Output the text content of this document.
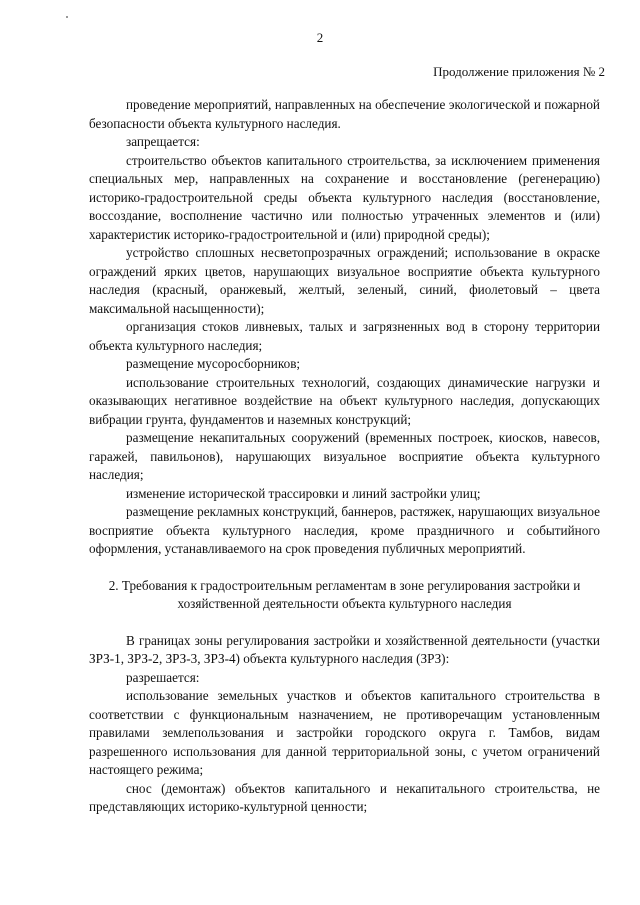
2
Продолжение приложения № 2

проведение мероприятий, направленных на обеспечение экологической и пожарной безопасности объекта культурного наследия.

запрещается:

строительство объектов капитального строительства, за исключением применения специальных мер, направленных на сохранение и восстановление (регенерацию) историко-градостроительной среды объекта культурного наследия (восстановление, воссоздание, восполнение частично или полностью утраченных элементов и (или) характеристик историко-градостроительной и (или) природной среды);

устройство сплошных несветопрозрачных ограждений; использование в окраске ограждений ярких цветов, нарушающих визуальное восприятие объекта культурного наследия (красный, оранжевый, желтый, зеленый, синий, фиолетовый – цвета максимальной насыщенности);

организация стоков ливневых, талых и загрязненных вод в сторону территории объекта культурного наследия;

размещение мусоросборников;

использование строительных технологий, создающих динамические нагрузки и оказывающих негативное воздействие на объект культурного наследия, допускающих вибрации грунта, фундаментов и наземных конструкций;

размещение некапитальных сооружений (временных построек, киосков, навесов, гаражей, павильонов), нарушающих визуальное восприятие объекта культурного наследия;

изменение исторической трассировки и линий застройки улиц;

размещение рекламных конструкций, баннеров, растяжек, нарушающих визуальное восприятие объекта культурного наследия, кроме праздничного и событийного оформления, устанавливаемого на срок проведения публичных мероприятий.

2. Требования к градостроительным регламентам в зоне регулирования застройки и хозяйственной деятельности объекта культурного наследия

В границах зоны регулирования застройки и хозяйственной деятельности (участки ЗРЗ-1, ЗРЗ-2, ЗРЗ-3, ЗРЗ-4) объекта культурного наследия (ЗРЗ):

разрешается:

использование земельных участков и объектов капитального строительства в соответствии с функциональным назначением, не противоречащим установленным правилами землепользования и застройки городского округа г. Тамбов, видам разрешенного использования для данной территориальной зоны, с учетом ограничений настоящего режима;

снос (демонтаж) объектов капитального и некапитального строительства, не представляющих историко-культурной ценности;
